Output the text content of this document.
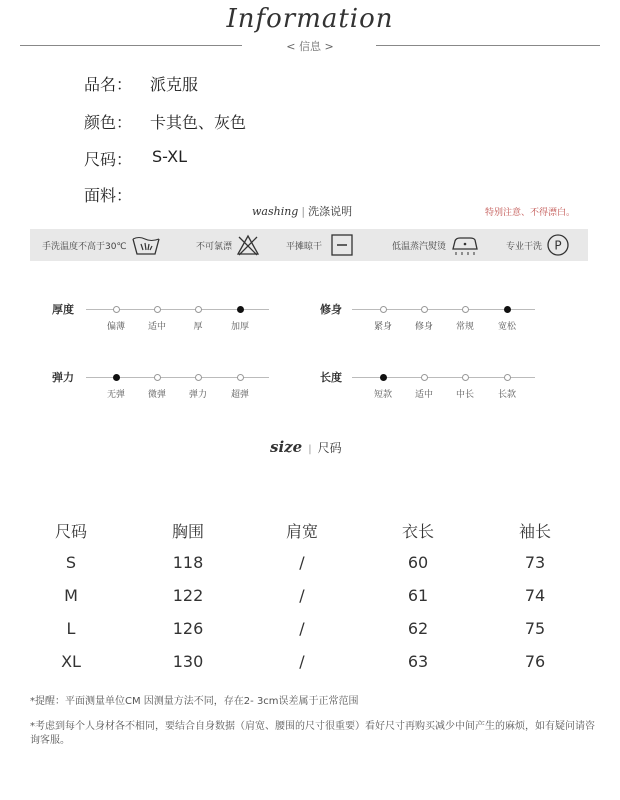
Information
< 信息 >
品名： 派克服
颜色： 卡其色、灰色
尺码： S-XL
面料：
washing | 洗涤说明	特别注意、不得漂白。
手洗温度不高于30℃	不可氯漂	平摊晾干	低温蒸汽熨烫	专业干洗 P
厚度
偏薄	适中	厚	加厚
修身
紧身	修身	常规	宽松
弹力
无弹	微弹	弹力	超弹
长度
短款	适中	中长	长款
size | 尺码
尺码	胸围	肩宽	衣长	袖长
S	118	/	60	73
M	122	/	61	74
L	126	/	62	75
XL	130	/	63	76
*提醒：平面测量单位CM 因测量方法不同，存在2- 3cm误差属于正常范围
*考虑到每个人身材各不相同，要结合自身数据（肩宽、腰围的尺寸很重要）看好尺寸再购买减少中间产生的麻烦，如有疑问请咨询客服。
